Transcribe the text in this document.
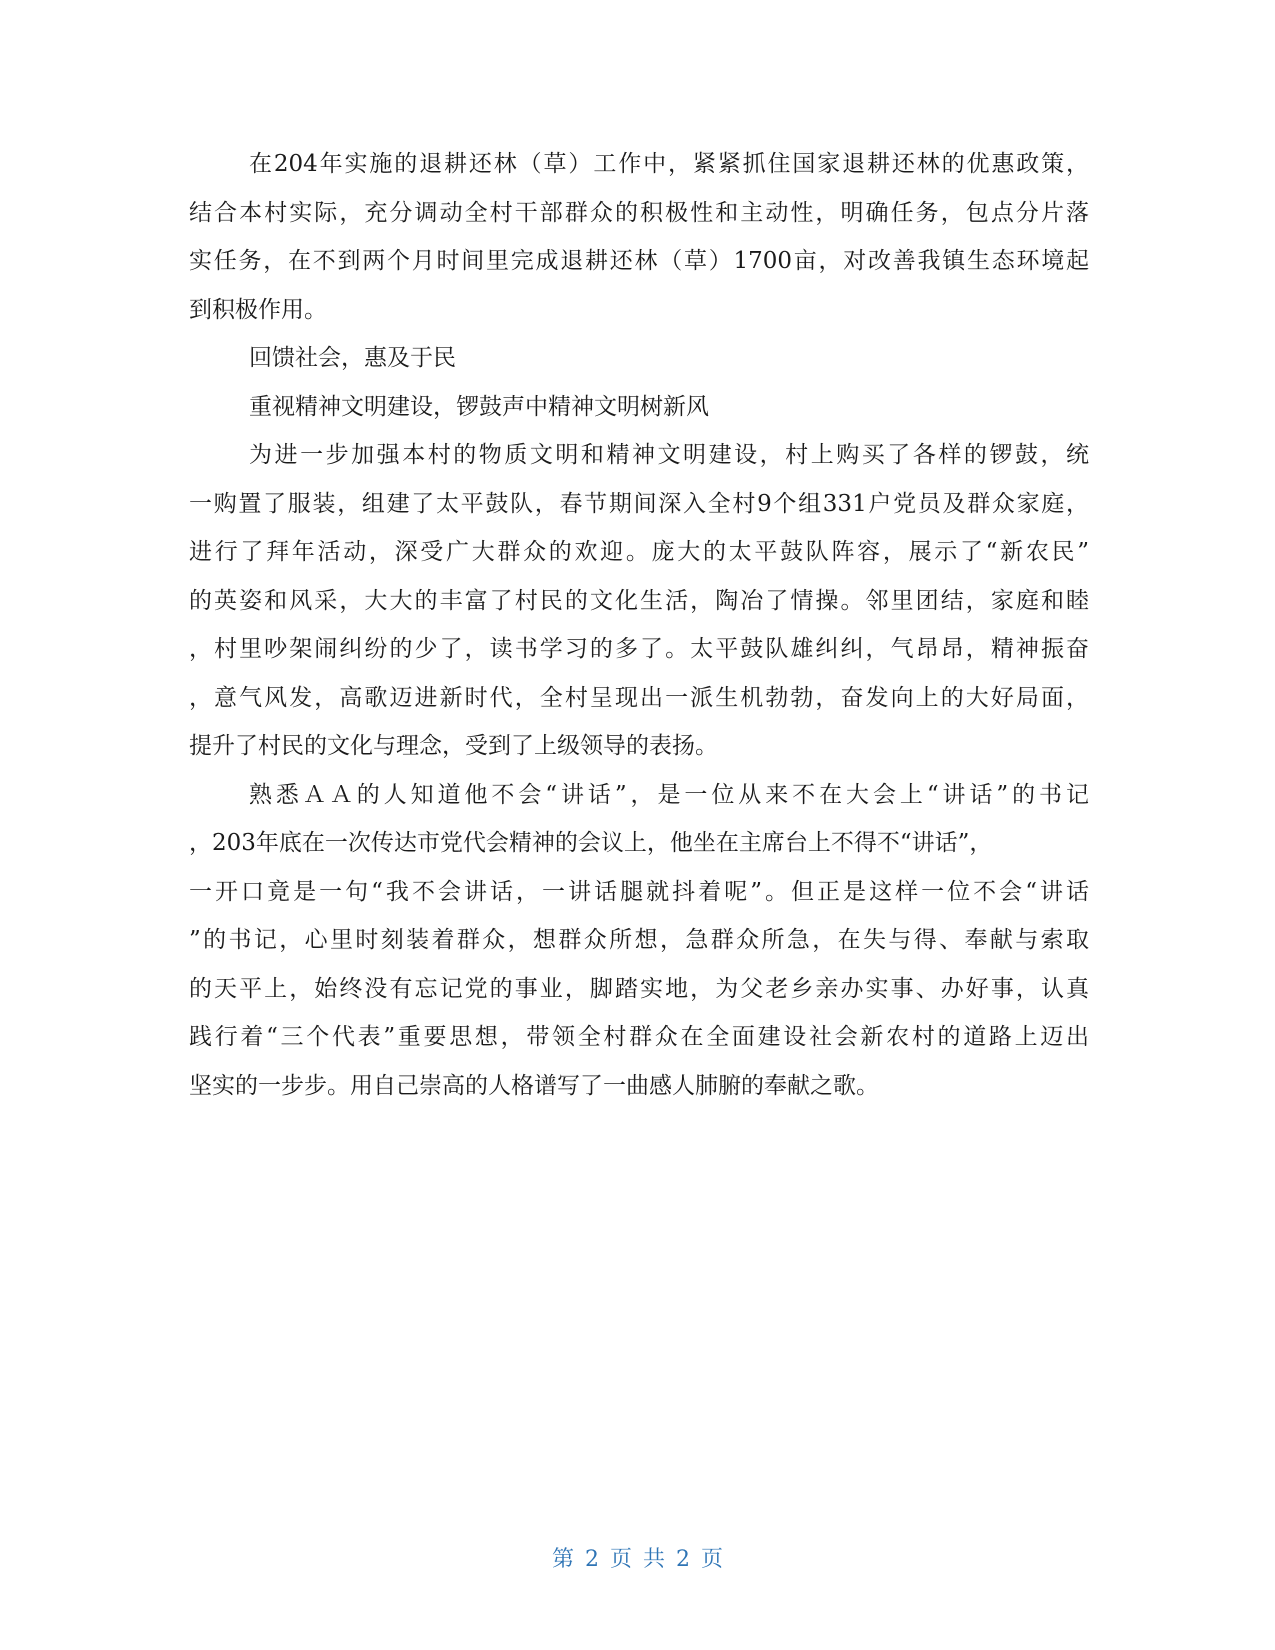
在204年实施的退耕还林（草）工作中，紧紧抓住国家退耕还林的优惠政策，
结合本村实际，充分调动全村干部群众的积极性和主动性，明确任务，包点分片落
实任务，在不到两个月时间里完成退耕还林（草）1700亩，对改善我镇生态环境起
到积极作用。
回馈社会，惠及于民
重视精神文明建设，锣鼓声中精神文明树新风
为进一步加强本村的物质文明和精神文明建设，村上购买了各样的锣鼓，统
一购置了服装，组建了太平鼓队，春节期间深入全村9个组331户党员及群众家庭，
进行了拜年活动，深受广大群众的欢迎。庞大的太平鼓队阵容，展示了“新农民”
的英姿和风采，大大的丰富了村民的文化生活，陶冶了情操。邻里团结，家庭和睦
，村里吵架闹纠纷的少了，读书学习的多了。太平鼓队雄纠纠，气昂昂，精神振奋
，意气风发，高歌迈进新时代，全村呈现出一派生机勃勃，奋发向上的大好局面，
提升了村民的文化与理念，受到了上级领导的表扬。
熟悉ＡＡ的人知道他不会“讲话”，是一位从来不在大会上“讲话”的书记
，203年底在一次传达市党代会精神的会议上，他坐在主席台上不得不“讲话”，
一开口竟是一句“我不会讲话，一讲话腿就抖着呢”。但正是这样一位不会“讲话
”的书记，心里时刻装着群众，想群众所想，急群众所急，在失与得、奉献与索取
的天平上，始终没有忘记党的事业，脚踏实地，为父老乡亲办实事、办好事，认真
践行着“三个代表”重要思想，带领全村群众在全面建设社会新农村的道路上迈出
坚实的一步步。用自己崇高的人格谱写了一曲感人肺腑的奉献之歌。
第 2 页 共 2 页
